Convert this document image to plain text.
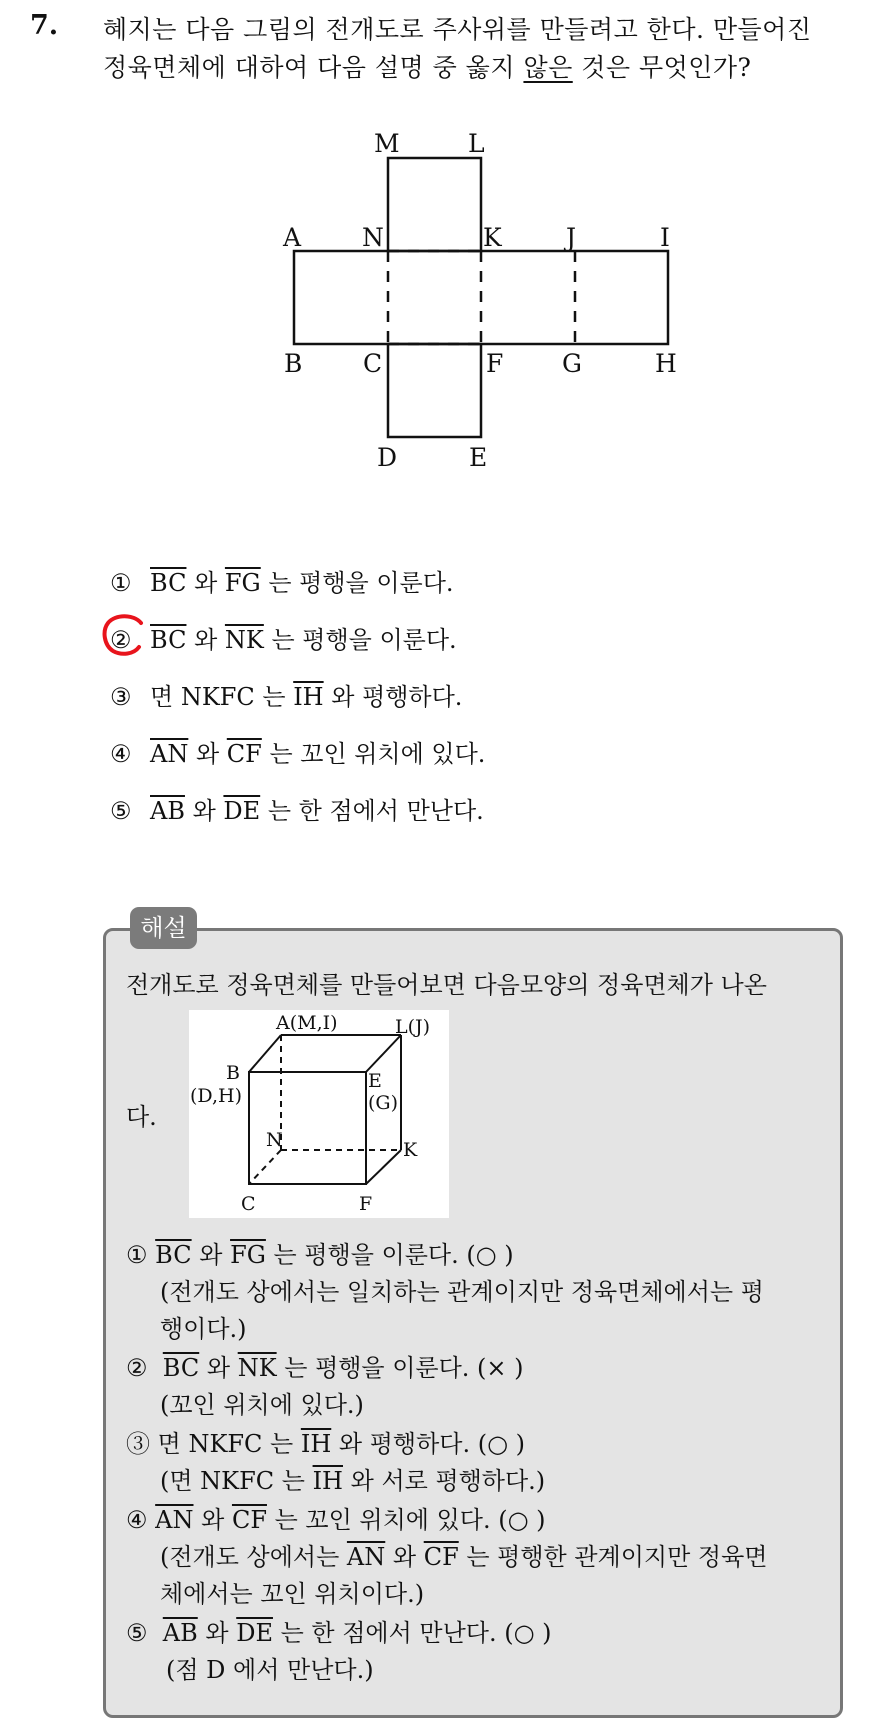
7. 혜지는 다음 그림의 전개도로 주사위를 만들려고 한다. 만들어진
정육면체에 대하여 다음 설명 중 옳지 않은 것은 무엇인가?
M	L
A N	K	J	I
B C	F G	H
D	E
① $\overline{BC}$ 와 $\overline{FG}$ 는 평행을 이룬다.
② $\overline{BC}$ 와 $\overline{NK}$ 는 평행을 이룬다.
③ 면 NKFC 는 $\overline{IH}$ 와 평행하다.
④ $\overline{AN}$ 와 $\overline{CF}$ 는 꼬인 위치에 있다.
⑤ $\overline{AB}$ 와 $\overline{DE}$ 는 한 점에서 만난다.
해설
전개도로 정육면체를 만들어보면 다음모양의 정육면체가 나온
다.
A(M,I)	L(J)
B
(D,H)
E
(G)
N	K
C	F
① $\overline{BC}$ 와 $\overline{FG}$ 는 평행을 이룬다. (○ )
(전개도 상에서는 일치하는 관계이지만 정육면체에서는 평
행이다.)
② $\overline{BC}$ 와 $\overline{NK}$ 는 평행을 이룬다. (× )
(꼬인 위치에 있다.)
③ 면 NKFC 는 $\overline{IH}$ 와 평행하다. (○ )
(면 NKFC 는 $\overline{IH}$ 와 서로 평행하다.)
④ $\overline{AN}$ 와 $\overline{CF}$ 는 꼬인 위치에 있다. (○ )
(전개도 상에서는 $\overline{AN}$ 와 $\overline{CF}$ 는 평행한 관계이지만 정육면
체에서는 꼬인 위치이다.)
⑤ $\overline{AB}$ 와 $\overline{DE}$ 는 한 점에서 만난다. (○ )
(점 D 에서 만난다.)
